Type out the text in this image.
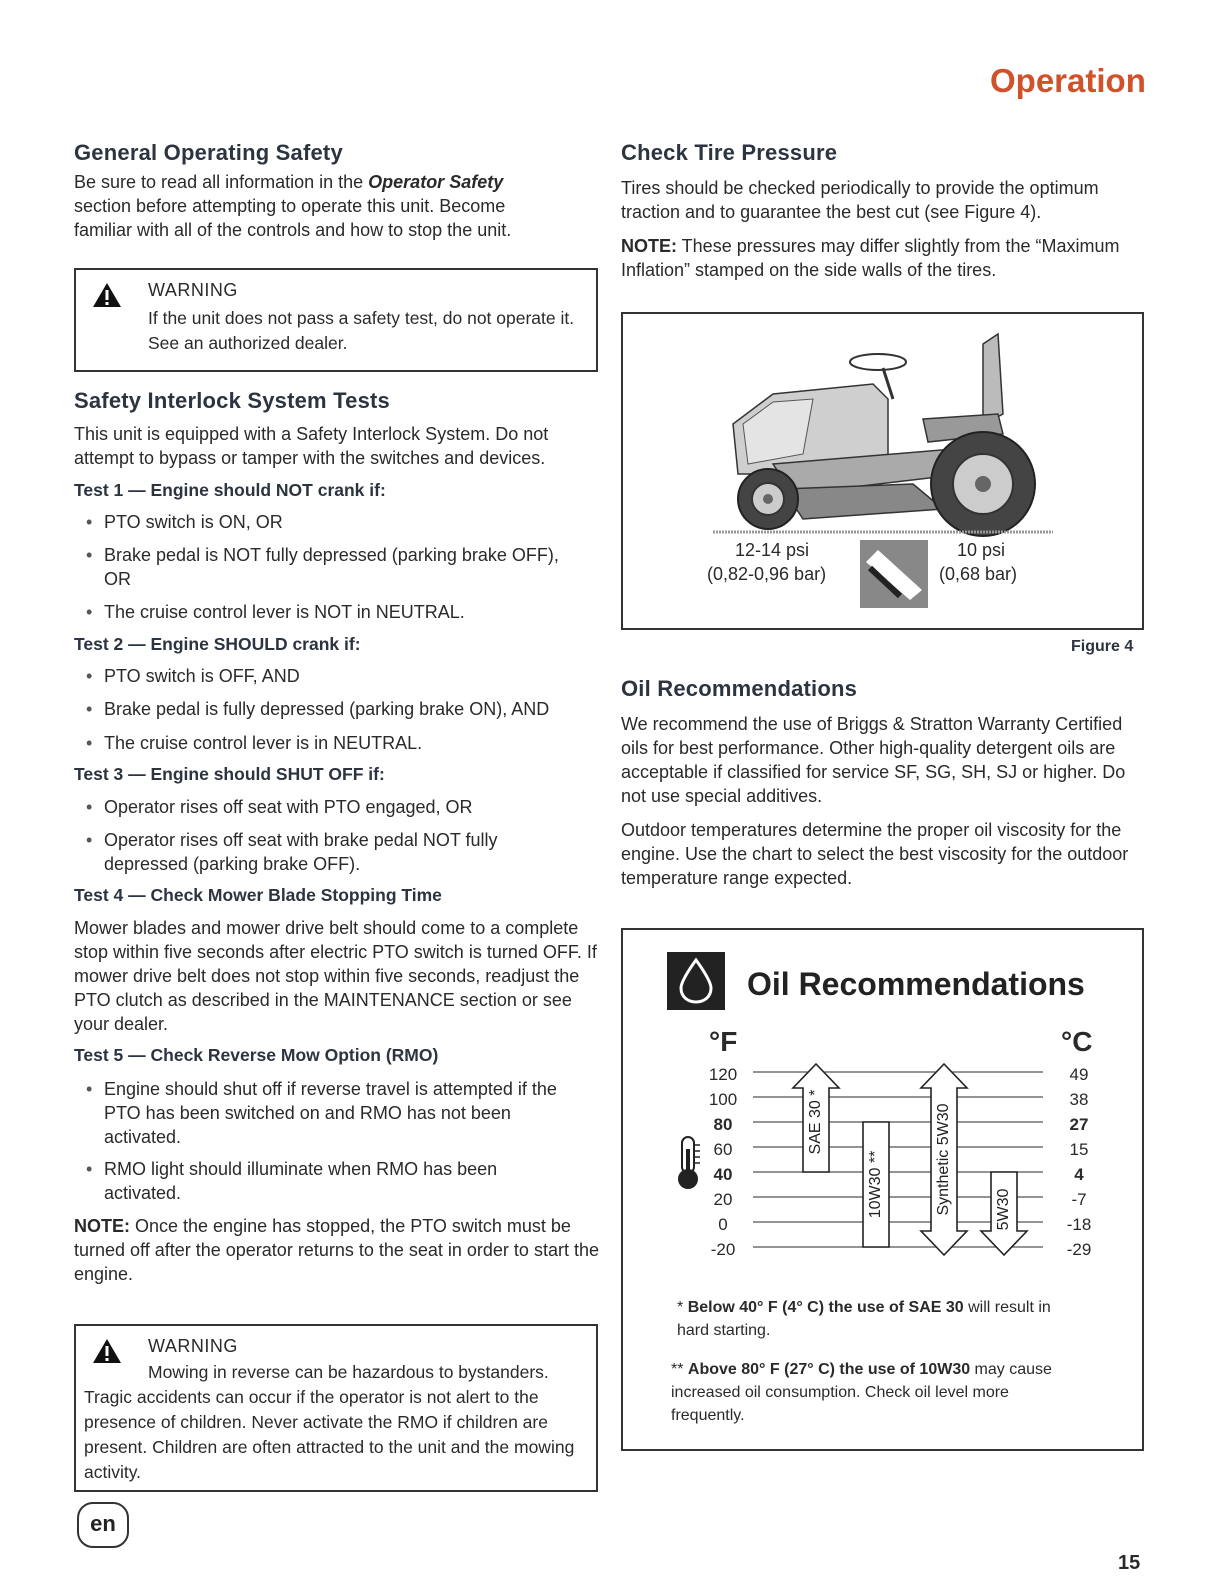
Operation
General Operating Safety

Be sure to read all information in the Operator Safety section before attempting to operate this unit. Become familiar with all of the controls and how to stop the unit.

WARNING
If the unit does not pass a safety test, do not operate it. See an authorized dealer.
Safety Interlock System Tests

This unit is equipped with a Safety Interlock System. Do not attempt to bypass or tamper with the switches and devices.

Test 1 — Engine should NOT crank if:

• PTO switch is ON, OR

• Brake pedal is NOT fully depressed (parking brake OFF), OR

• The cruise control lever is NOT in NEUTRAL.

Test 2 — Engine SHOULD crank if:

• PTO switch is OFF, AND

• Brake pedal is fully depressed (parking brake ON), AND

• The cruise control lever is in NEUTRAL.

Test 3 — Engine should SHUT OFF if:

• Operator rises off seat with PTO engaged, OR

• Operator rises off seat with brake pedal NOT fully depressed (parking brake OFF).

Test 4 — Check Mower Blade Stopping Time

Mower blades and mower drive belt should come to a complete stop within five seconds after electric PTO switch is turned OFF. If mower drive belt does not stop within five seconds, readjust the PTO clutch as described in the MAINTENANCE section or see your dealer.

Test 5 — Check Reverse Mow Option (RMO)

• Engine should shut off if reverse travel is attempted if the PTO has been switched on and RMO has not been activated.

• RMO light should illuminate when RMO has been activated.

NOTE: Once the engine has stopped, the PTO switch must be turned off after the operator returns to the seat in order to start the engine.

WARNING
Mowing in reverse can be hazardous to bystanders.
Tragic accidents can occur if the operator is not alert to the presence of children. Never activate the RMO if children are present. Children are often attracted to the unit and the mowing activity.
en
Check Tire Pressure

Tires should be checked periodically to provide the optimum traction and to guarantee the best cut (see Figure 4).

NOTE: These pressures may differ slightly from the “Maximum Inflation” stamped on the side walls of the tires.

12-14 psi
(0,82-0,96 bar)
10 psi
(0,68 bar)
Figure 4
Oil Recommendations

We recommend the use of Briggs & Stratton Warranty Certified oils for best performance. Other high-quality detergent oils are acceptable if classified for service SF, SG, SH, SJ or higher. Do not use special additives.

Outdoor temperatures determine the proper oil viscosity for the engine. Use the chart to select the best viscosity for the outdoor temperature range expected.

Oil Recommendations
°F	°C
120
100
80
60
40
20
0
-20
49
38
27
15
4
-7
-18
-29
SAE 30 *
10W30 **	Synthetic 5W30	5W30

* Below 40° F (4° C) the use of SAE 30 will result in hard starting.

** Above 80° F (27° C) the use of 10W30 may cause increased oil consumption. Check oil level more frequently.

15
